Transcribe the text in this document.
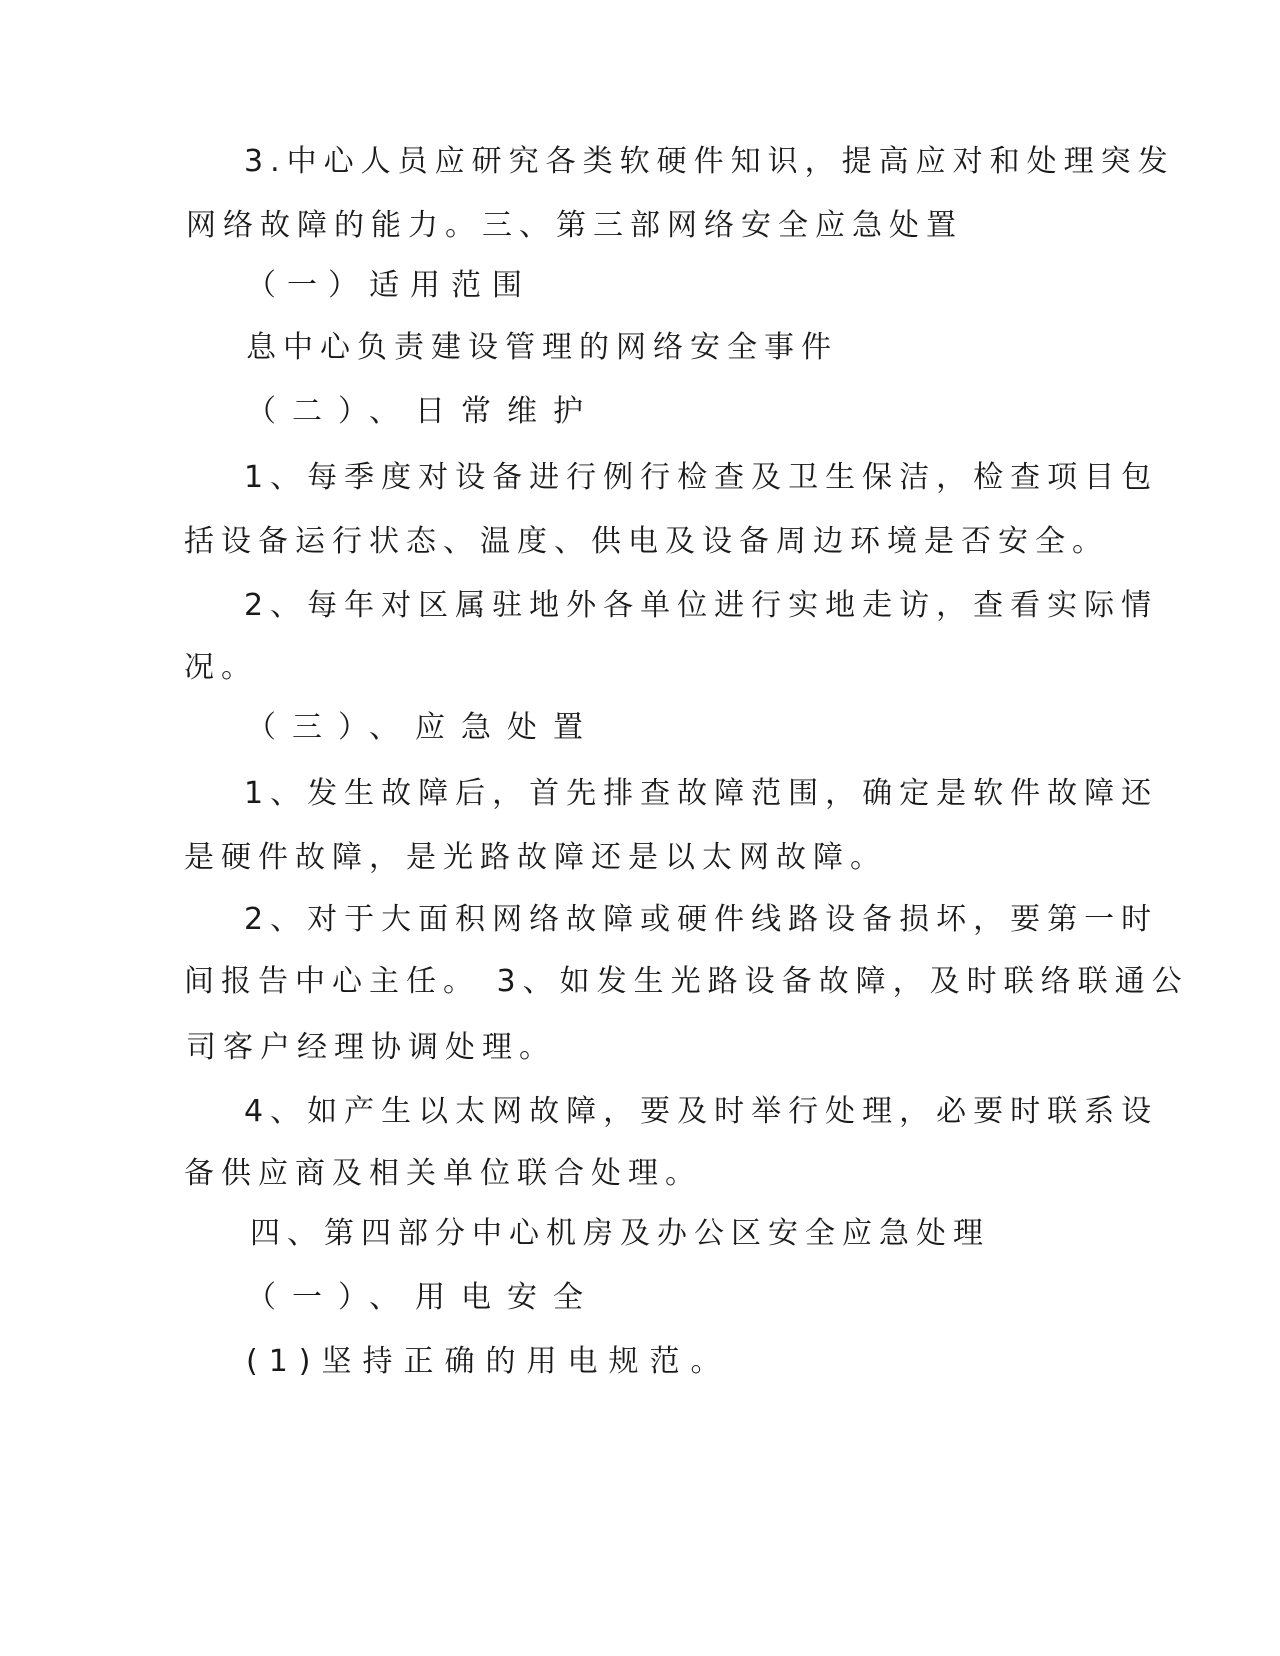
3.中心人员应研究各类软硬件知识，提高应对和处理突发
网络故障的能力。三、第三部网络安全应急处置
（一）适用范围
息中心负责建设管理的网络安全事件
（二）、日常维护
1、每季度对设备进行例行检查及卫生保洁，检查项目包
括设备运行状态、温度、供电及设备周边环境是否安全。
2、每年对区属驻地外各单位进行实地走访，查看实际情
况。
（三）、应急处置
1、发生故障后，首先排查故障范围，确定是软件故障还
是硬件故障，是光路故障还是以太网故障。
2、对于大面积网络故障或硬件线路设备损坏，要第一时
间报告中心主任。 3、如发生光路设备故障，及时联络联通公
司客户经理协调处理。
4、如产生以太网故障，要及时举行处理，必要时联系设
备供应商及相关单位联合处理。
四、第四部分中心机房及办公区安全应急处理
（一）、用电安全
(1)坚持正确的用电规范。
